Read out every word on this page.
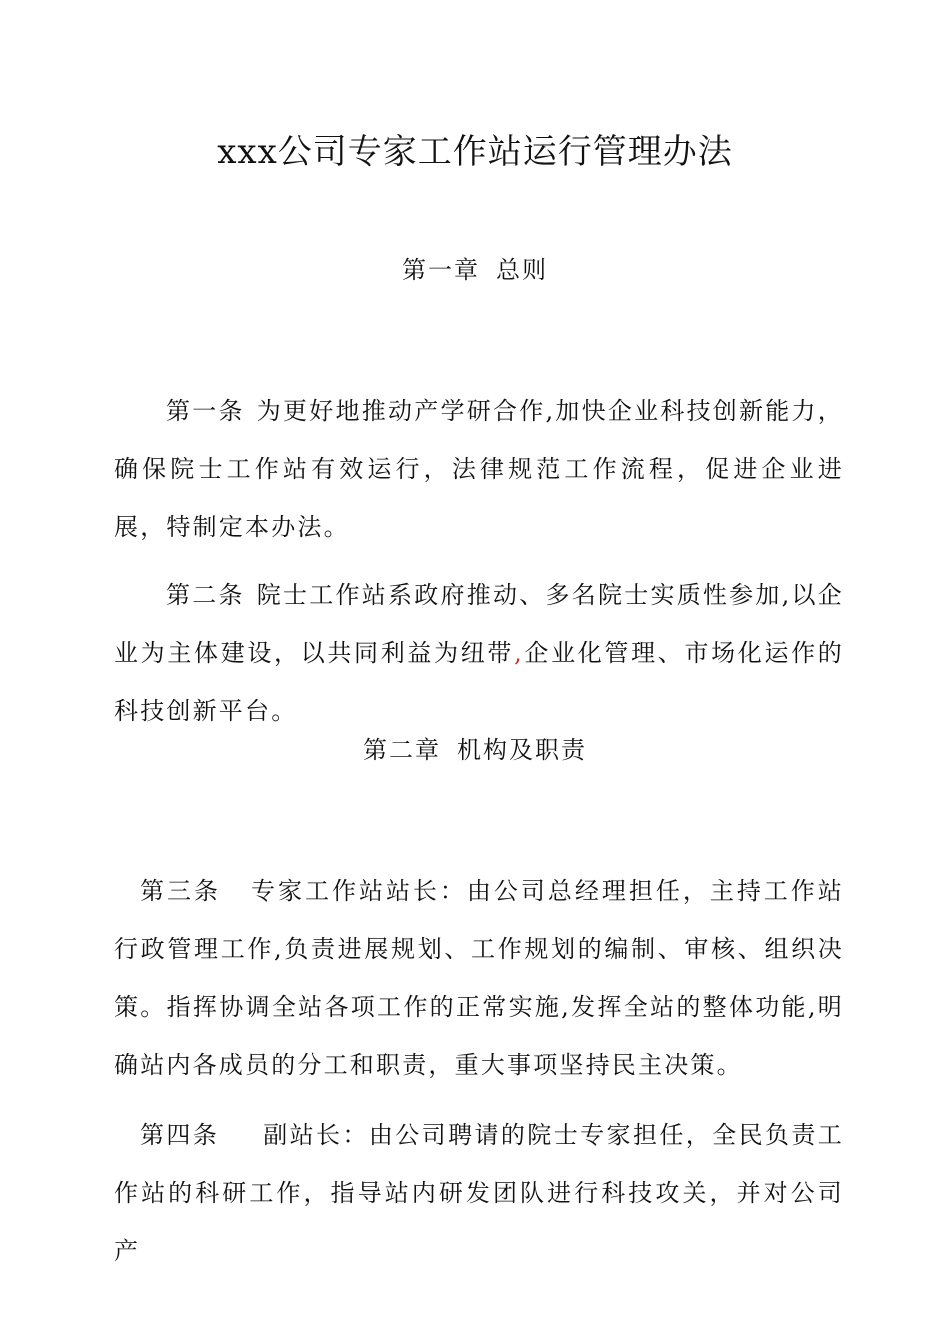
xxx公司专家工作站运行管理办法
第一章 总则
第一条 为更好地推动产学研合作,加快企业科技创新能力，确保院士工作站有效运行，法律规范工作流程，促进企业进展，特制定本办法。
第二条 院士工作站系政府推动、多名院士实质性参加,以企业为主体建设，以共同利益为纽带,企业化管理、市场化运作的科技创新平台。
第二章 机构及职责
第三条 专家工作站站长：由公司总经理担任，主持工作站行政管理工作,负责进展规划、工作规划的编制、审核、组织决策。指挥协调全站各项工作的正常实施,发挥全站的整体功能,明确站内各成员的分工和职责，重大事项坚持民主决策。
第四条 副站长：由公司聘请的院士专家担任，全民负责工作站的科研工作，指导站内研发团队进行科技攻关，并对公司产
